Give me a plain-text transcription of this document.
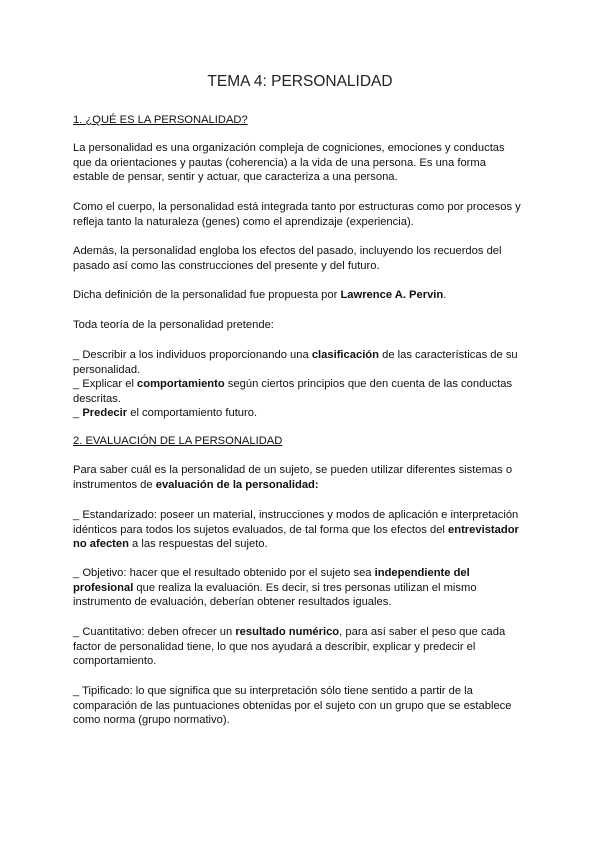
TEMA 4: PERSONALIDAD

1. ¿QUÉ ES LA PERSONALIDAD?

La personalidad es una organización compleja de cogniciones, emociones y conductas que da orientaciones y pautas (coherencia) a la vida de una persona. Es una forma estable de pensar, sentir y actuar, que caracteriza a una persona.

Como el cuerpo, la personalidad está integrada tanto por estructuras como por procesos y refleja tanto la naturaleza (genes) como el aprendizaje (experiencia).

Además, la personalidad engloba los efectos del pasado, incluyendo los recuerdos del pasado así como las construcciones del presente y del futuro.

Dicha definición de la personalidad fue propuesta por Lawrence A. Pervin.

Toda teoría de la personalidad pretende:

_ Describir a los individuos proporcionando una clasificación de las características de su personalidad.
_ Explicar el comportamiento según ciertos principios que den cuenta de las conductas descritas.
_ Predecir el comportamiento futuro.

2. EVALUACIÓN DE LA PERSONALIDAD

Para saber cuál es la personalidad de un sujeto, se pueden utilizar diferentes sistemas o instrumentos de evaluación de la personalidad:

_ Estandarizado: poseer un material, instrucciones y modos de aplicación e interpretación idénticos para todos los sujetos evaluados, de tal forma que los efectos del entrevistador no afecten a las respuestas del sujeto.

_ Objetivo: hacer que el resultado obtenido por el sujeto sea independiente del profesional que realiza la evaluación. Es decir, si tres personas utilizan el mismo instrumento de evaluación, deberían obtener resultados iguales.

_ Cuantitativo: deben ofrecer un resultado numérico, para así saber el peso que cada factor de personalidad tiene, lo que nos ayudará a describir, explicar y predecir el comportamiento.

_ Tipificado: lo que significa que su interpretación sólo tiene sentido a partir de la comparación de las puntuaciones obtenidas por el sujeto con un grupo que se establece como norma (grupo normativo).
